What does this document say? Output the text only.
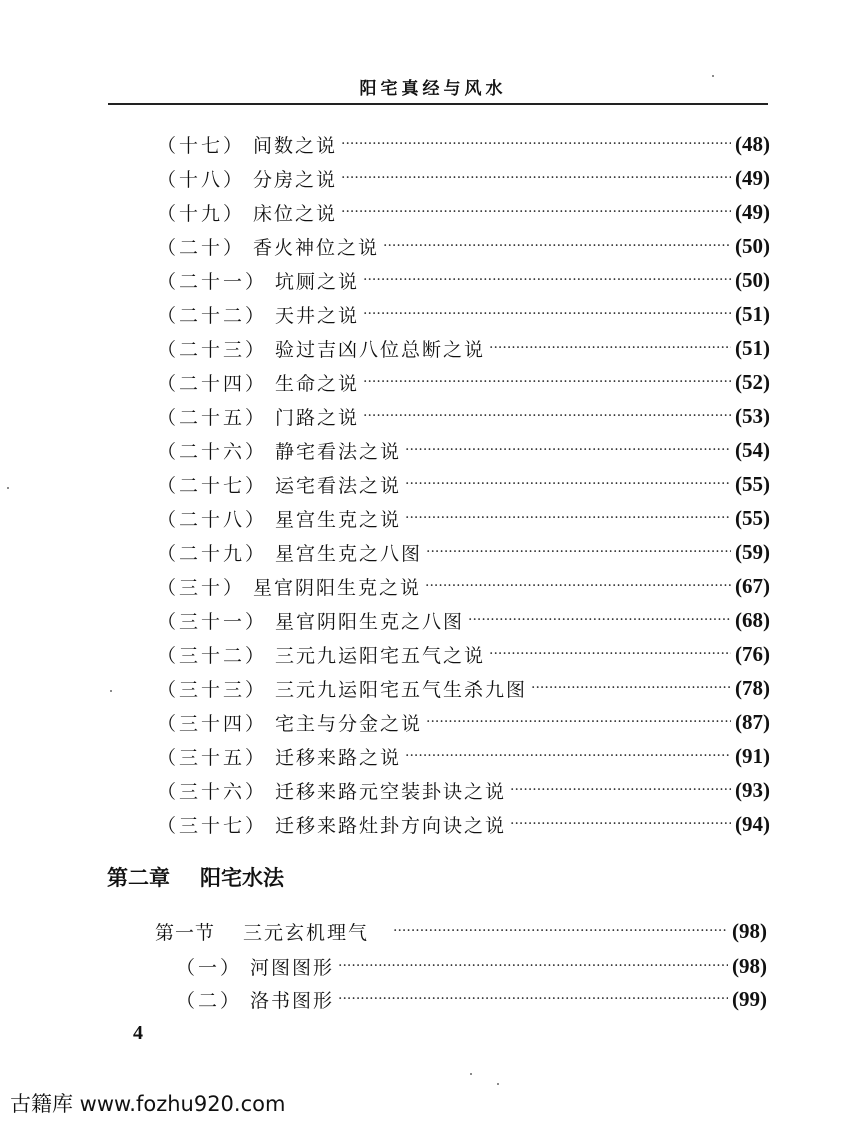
阳宅真经与风水
（十七） 间数之说 ·····	(48)
（十八） 分房之说 ·····	(49)
（十九） 床位之说 ·····	(49)
（二十） 香火神位之说 ·····	(50)
（二十一） 坑厕之说 ·····	(50)
（二十二） 天井之说 ·····	(51)
（二十三） 验过吉凶八位总断之说 ·····	(51)
（二十四） 生命之说 ·····	(52)
（二十五） 门路之说 ·····	(53)
（二十六） 静宅看法之说 ·····	(54)
（二十七） 运宅看法之说 ·····	(55)
（二十八） 星宫生克之说 ·····	(55)
（二十九） 星宫生克之八图 ·····	(59)
（三十） 星官阴阳生克之说 ·····	(67)
（三十一） 星官阴阳生克之八图 ·····	(68)
（三十二） 三元九运阳宅五气之说 ·····	(76)
（三十三） 三元九运阳宅五气生杀九图 ·····	(78)
（三十四） 宅主与分金之说 ·····	(87)
（三十五） 迁移来路之说 ·····	(91)
（三十六） 迁移来路元空装卦诀之说 ·····	(93)
（三十七） 迁移来路灶卦方向诀之说 ·····	(94)
第二章 阳宅水法
第一节 三元玄机理气 ·····	(98)
（一） 河图图形 ·····	(98)
（二） 洛书图形 ·····	(99)
4
古籍库 www.fozhu920.com
